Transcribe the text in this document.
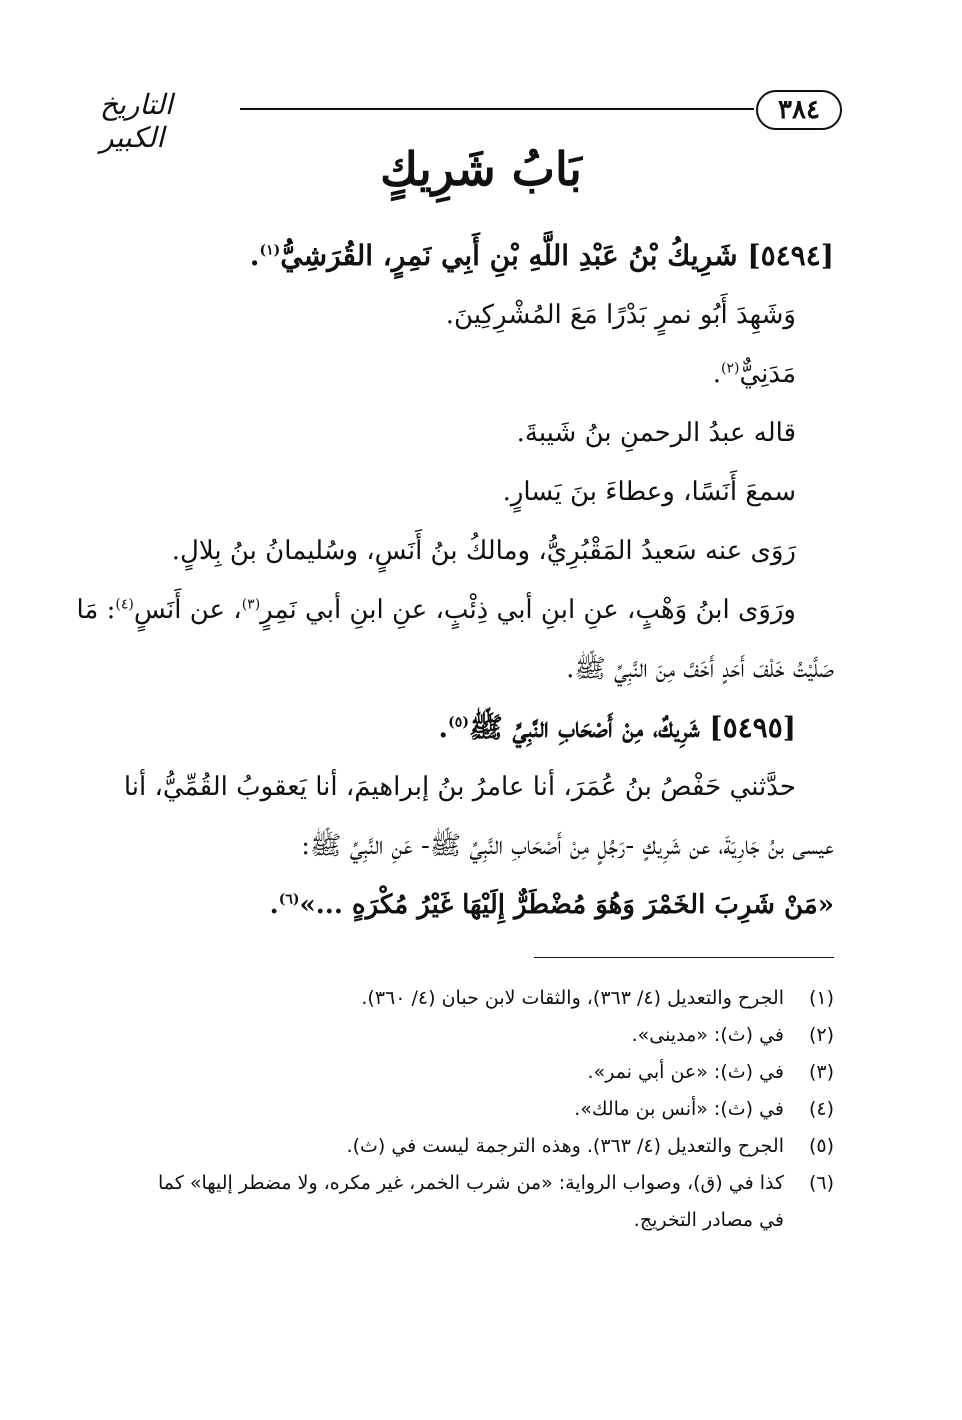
٣٨٤
التاريخ الكبير
بَابُ شَرِيكٍ
[٥٤٩٤] شَرِيكُ بْنُ عَبْدِ اللَّهِ بْنِ أَبِي نَمِرٍ، القُرَشِيُّ$^{(١)}$.
وَشَهِدَ أَبُو نمرٍ بَدْرًا مَعَ المُشْرِكِينَ.
مَدَنِيٌّ$^{(٢)}$.
قاله عبدُ الرحمنِ بنُ شَيبةَ.
سمعَ أَنَسًا، وعطاءَ بنَ يَسارٍ.
رَوَى عنه سَعيدُ المَقْبُرِيُّ، ومالكُ بنُ أَنَسٍ، وسُليمانُ بنُ بِلالٍ.
ورَوَى ابنُ وَهْبٍ، عنِ ابنِ أبي ذِئْبٍ، عنِ ابنِ أبي نَمِرٍ$^{(٣)}$، عن أَنَسٍ$^{(٤)}$: مَا
صَلَّيْتُ خَلْفَ أَحَدٍ أَخَفَّ مِنَ النَّبِيِّ ﷺ.
[٥٤٩٥] شَرِيكٌ، مِنْ أَصْحَابِ النَّبِيِّ ﷺ$^{(٥)}$.
حدَّثني حَفْصُ بنُ عُمَرَ، أنا عامرُ بنُ إبراهيمَ، أنا يَعقوبُ القُمِّيُّ، أنا
عيسى بنُ جَارِيَةَ، عن شَرِيكٍ -رَجُلٍ مِنْ أَصْحَابِ النَّبِيِّ ﷺ- عَنِ النَّبِيِّ ﷺ:
«مَنْ شَرِبَ الخَمْرَ وَهُوَ مُضْطَرٌّ إِلَيْهَا غَيْرُ مُكْرَهٍ ...»$^{(٦)}$.
(١)
الجرح والتعديل (٤/ ٣٦٣)، والثقات لابن حبان (٤/ ٣٦٠).
(٢)
في (ث): «مدينى».
(٣)
في (ث): «عن أبي نمر».
(٤)
في (ث): «أنس بن مالك».
(٥)
الجرح والتعديل (٤/ ٣٦٣). وهذه الترجمة ليست في (ث).
(٦)
كذا في (ق)، وصواب الرواية: «من شرب الخمر، غير مكره، ولا مضطر إليها» كما في مصادر التخريج.
